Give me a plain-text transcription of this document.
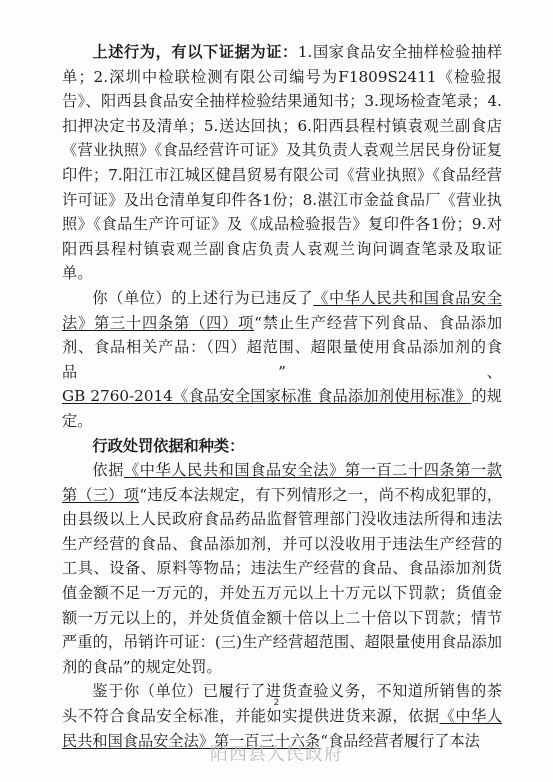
上述行为，有以下证据为证：1.国家食品安全抽样检验抽样单；2.深圳中检联检测有限公司编号为F1809S2411《检验报告》、阳西县食品安全抽样检验结果通知书；3.现场检查笔录；4.扣押决定书及清单；5.送达回执；6.阳西县程村镇袁观兰副食店《营业执照》《食品经营许可证》及其负责人袁观兰居民身份证复印件；7.阳江市江城区健昌贸易有限公司《营业执照》《食品经营许可证》及出仓清单复印件各1份；8.湛江市金益食品厂《营业执照》《食品生产许可证》及《成品检验报告》复印件各1份；9.对阳西县程村镇袁观兰副食店负责人袁观兰询问调查笔录及取证单。

你（单位）的上述行为已违反了《中华人民共和国食品安全法》第三十四条第（四）项“禁止生产经营下列食品、食品添加剂、食品相关产品：（四）超范围、超限量使用食品添加剂的食品”、GB 2760-2014《食品安全国家标准 食品添加剂使用标准》的规定。

行政处罚依据和种类：

依据《中华人民共和国食品安全法》第一百二十四条第一款第（三）项“违反本法规定，有下列情形之一，尚不构成犯罪的，由县级以上人民政府食品药品监督管理部门没收违法所得和违法生产经营的食品、食品添加剂，并可以没收用于违法生产经营的工具、设备、原料等物品；违法生产经营的食品、食品添加剂货值金额不足一万元的，并处五万元以上十万元以下罚款；货值金额一万元以上的，并处货值金额十倍以上二十倍以下罚款；情节严重的，吊销许可证：(三)生产经营超范围、超限量使用食品添加剂的食品”的规定处罚。

鉴于你（单位）已履行了进货查验义务，不知道所销售的茶头不符合食品安全标准，并能如实提供进货来源，依据《中华人民共和国食品安全法》第一百三十六条“食品经营者履行了本法

2
阳西县人民政府
